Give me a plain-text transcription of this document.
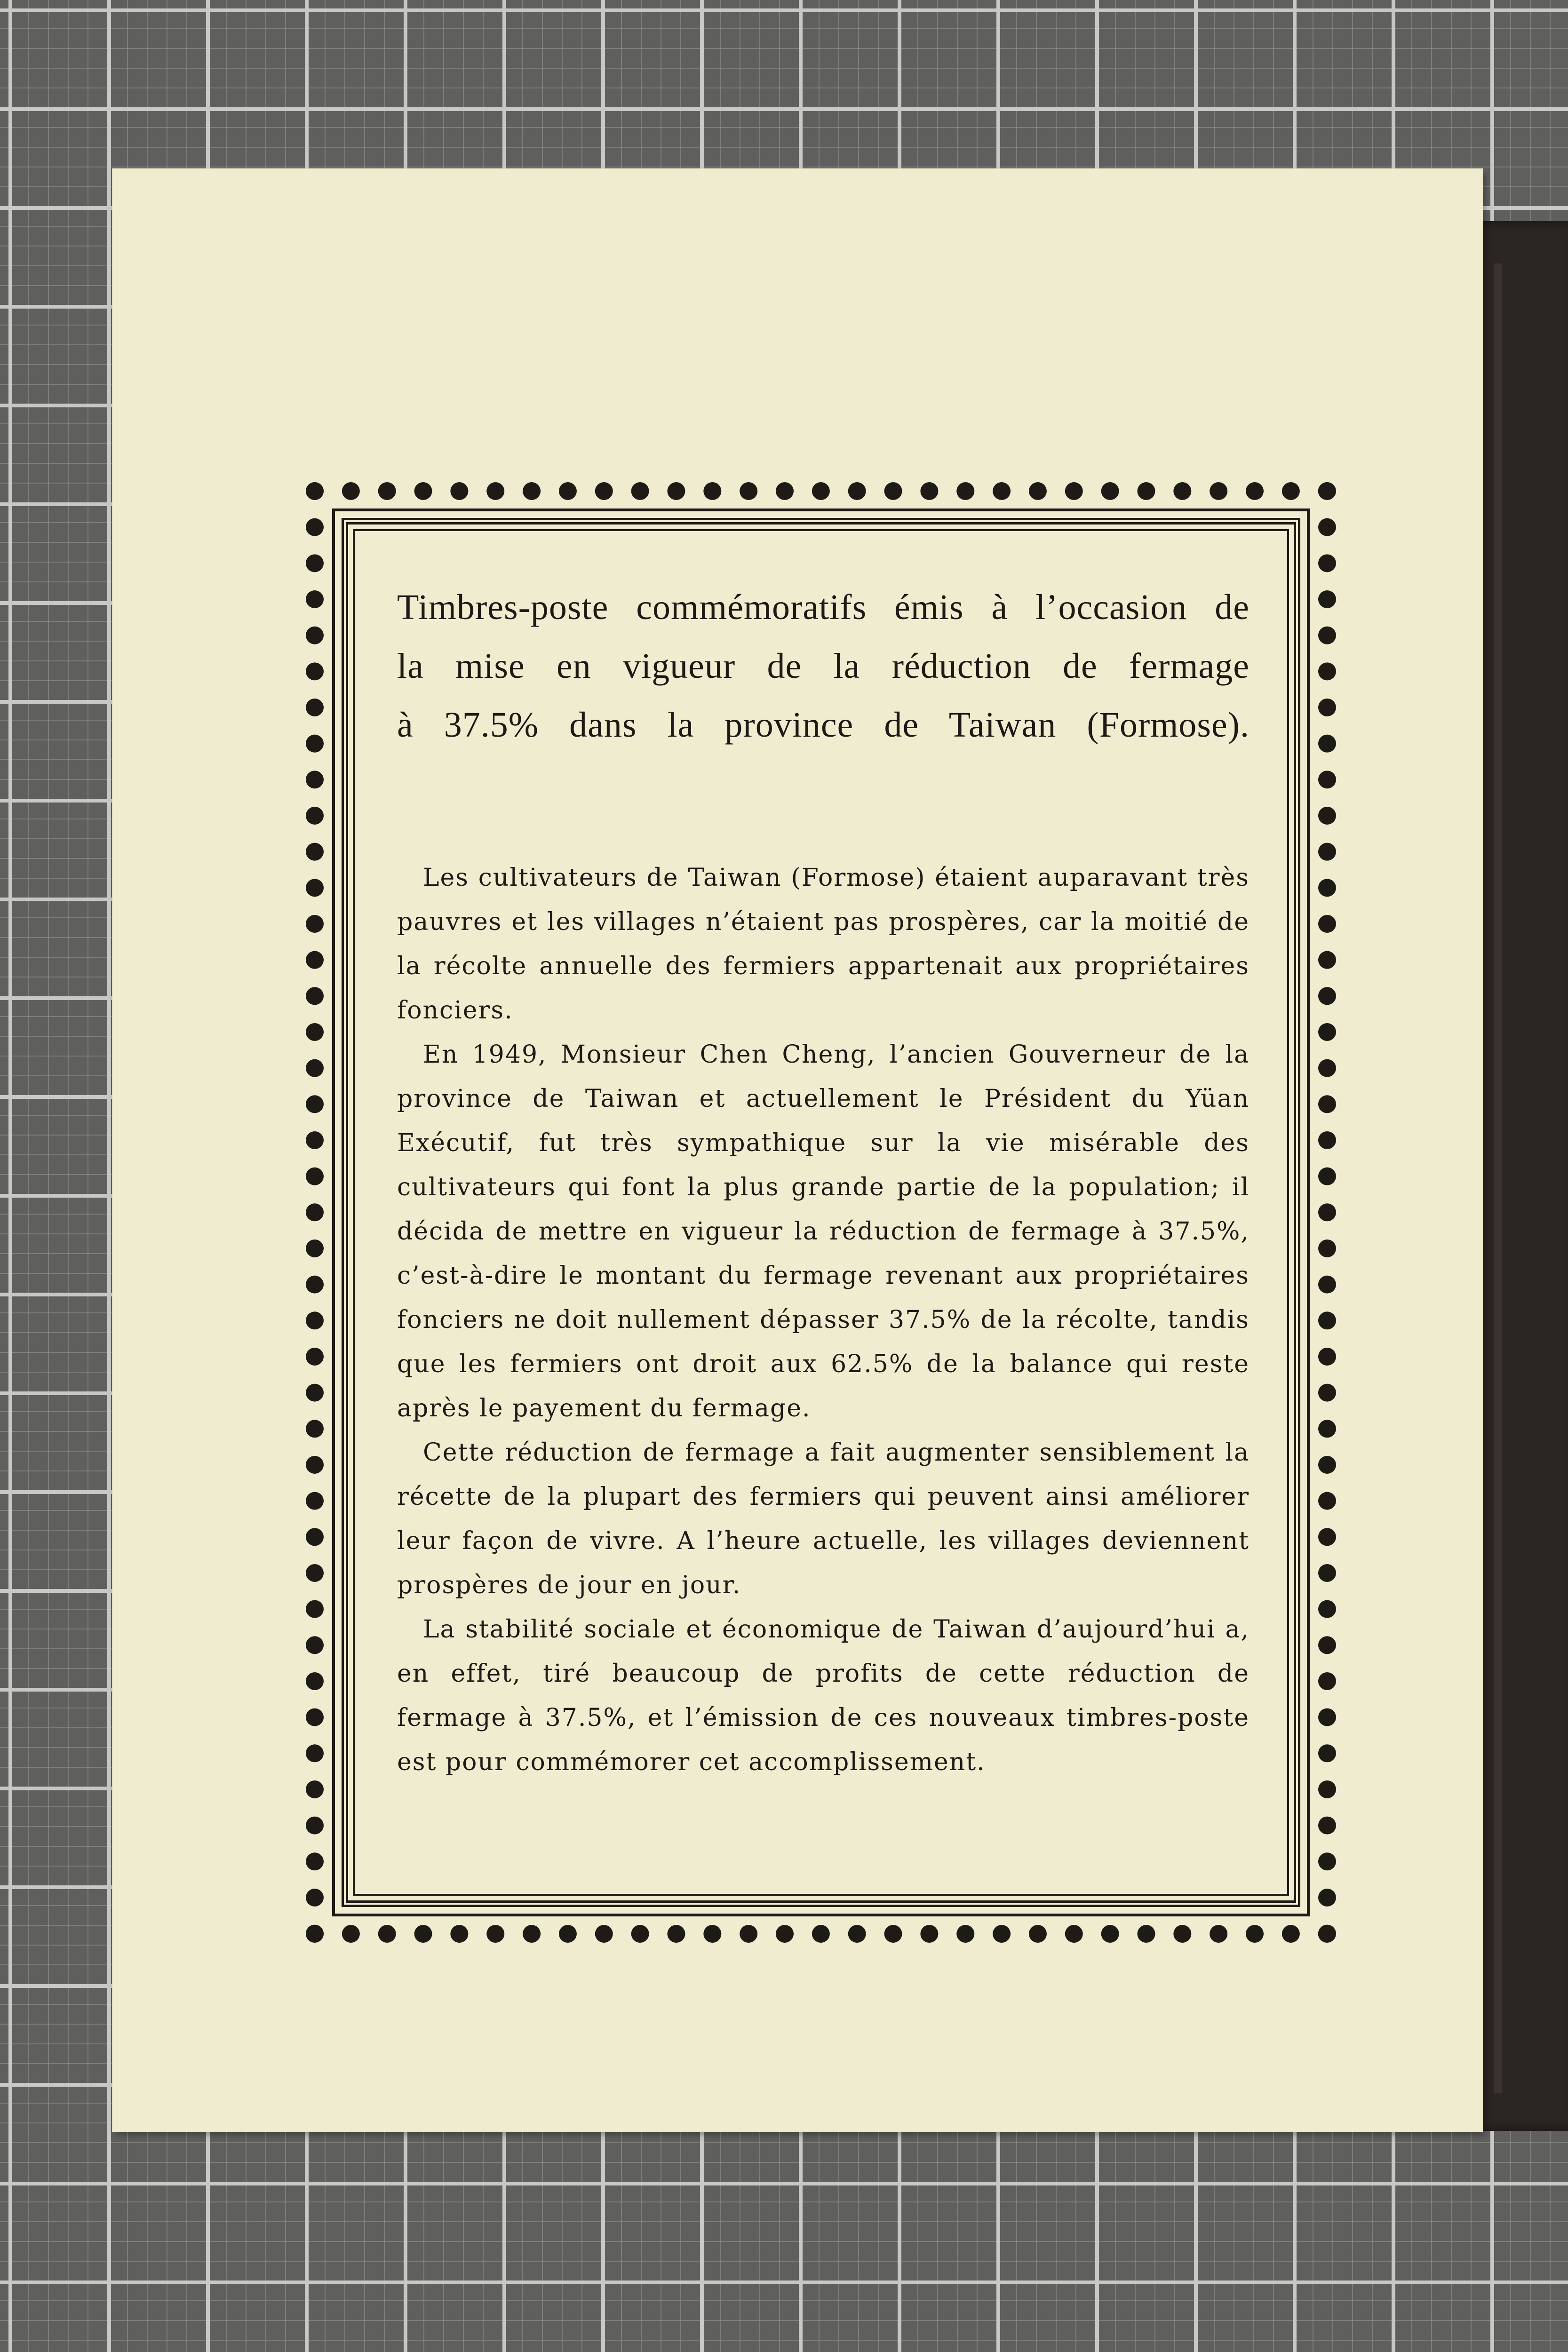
Timbres-poste commémoratifs émis à l’occasion de
la mise en vigueur de la réduction de fermage
à 37.5% dans la province de Taiwan (Formose).

Les cultivateurs de Taiwan (Formose) étaient auparavant très pauvres et les villages n’étaient pas prospères, car la moitié de la récolte annuelle des fermiers appartenait aux propriétaires fonciers.

En 1949, Monsieur Chen Cheng, l’ancien Gouverneur de la province de Taiwan et actuellement le Président du Yüan Exécutif, fut très sympathique sur la vie misérable des cultivateurs qui font la plus grande partie de la population; il décida de mettre en vigueur la réduction de fermage à 37.5%, c’est-à-dire le montant du fermage revenant aux propriétaires fonciers ne doit nullement dépasser 37.5% de la récolte, tandis que les fermiers ont droit aux 62.5% de la balance qui reste après le payement du fermage.

Cette réduction de fermage a fait augmenter sensiblement la récette de la plupart des fermiers qui peuvent ainsi améliorer leur façon de vivre. A l’heure actuelle, les villages deviennent prospères de jour en jour.

La stabilité sociale et économique de Taiwan d’aujourd’hui a, en effet, tiré beaucoup de profits de cette réduction de fermage à 37.5%, et l’émission de ces nouveaux timbres-poste est pour commémorer cet accomplissement.
